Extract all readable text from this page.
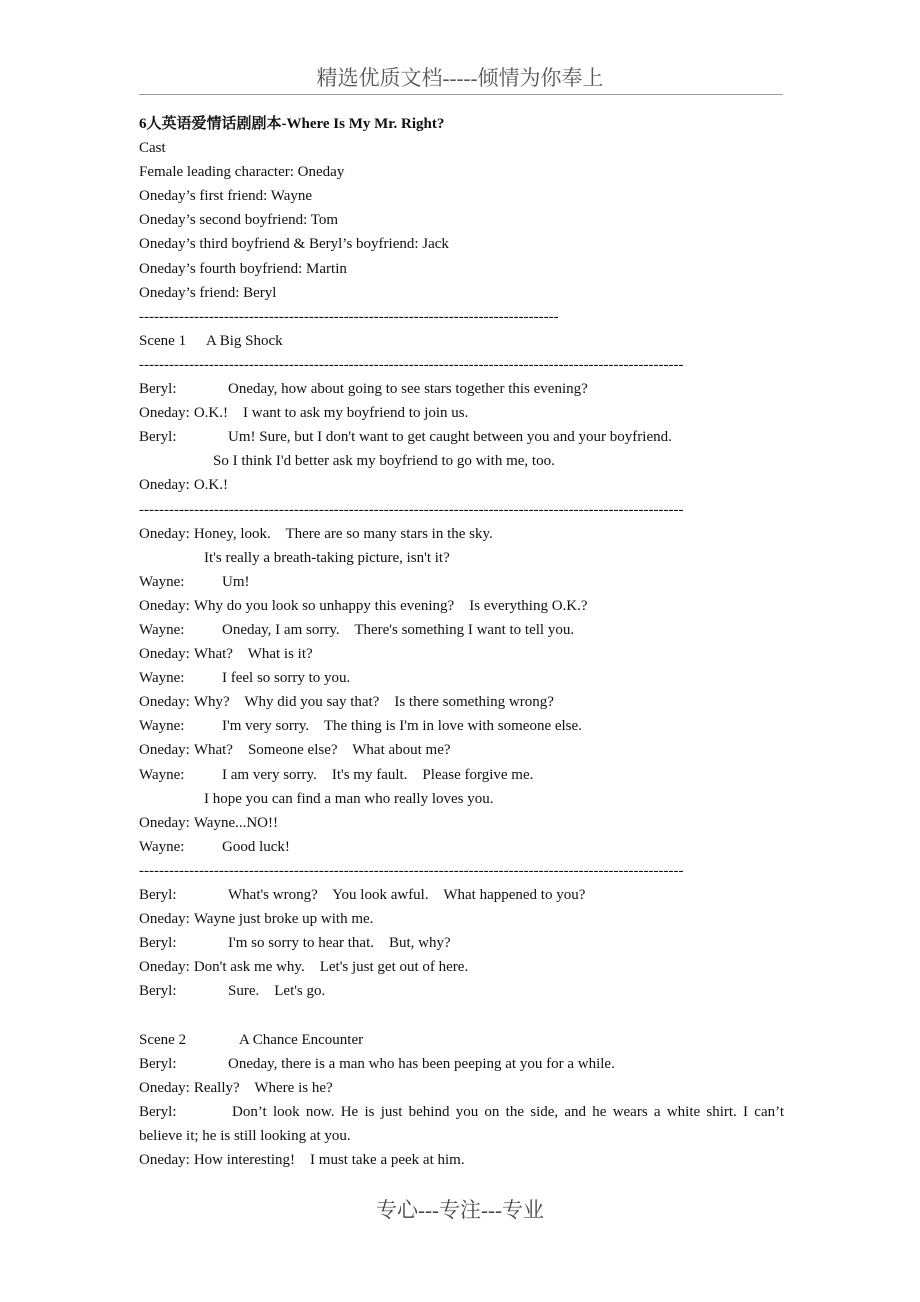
精选优质文档-----倾情为你奉上
6人英语爱情话剧剧本-Where Is My Mr. Right?
Cast
Female leading character: Oneday
Oneday’s first friend: Wayne
Oneday’s second boyfriend: Tom
Oneday’s third boyfriend & Beryl’s boyfriend: Jack
Oneday’s fourth boyfriend: Martin
Oneday’s friend: Beryl
------------------------------------------------------------------------------------
Scene 1 A Big Shock
-------------------------------------------------------------------------------------------------------------
Beryl:	Oneday, how about going to see stars together this evening?
Oneday: O.K.!    I want to ask my boyfriend to join us.
Beryl:	Um! Sure, but I don't want to get caught between you and your boyfriend.
So I think I'd better ask my boyfriend to go with me, too.
Oneday: O.K.!
-------------------------------------------------------------------------------------------------------------
Oneday: Honey, look.    There are so many stars in the sky.
It's really a breath-taking picture, isn't it?
Wayne:	Um!
Oneday: Why do you look so unhappy this evening?    Is everything O.K.?
Wayne:	Oneday, I am sorry.    There's something I want to tell you.
Oneday: What?    What is it?
Wayne:	I feel so sorry to you.
Oneday: Why?    Why did you say that?    Is there something wrong?
Wayne:	I'm very sorry.    The thing is I'm in love with someone else.
Oneday: What?    Someone else?    What about me?
Wayne:	I am very sorry.    It's my fault.    Please forgive me.
I hope you can find a man who really loves you.
Oneday: Wayne...NO!!
Wayne:	Good luck!
-------------------------------------------------------------------------------------------------------------
Beryl:	What's wrong?    You look awful.    What happened to you?
Oneday: Wayne just broke up with me.
Beryl:	I'm so sorry to hear that.    But, why?
Oneday: Don't ask me why.    Let's just get out of here.
Beryl:	Sure.    Let's go.
Scene 2	A Chance Encounter
Beryl:	Oneday, there is a man who has been peeping at you for a while.
Oneday: Really?    Where is he?
Beryl:	Don’t look now. He is just behind you on the side, and he wears a white shirt. I can’t believe it; he is still looking at you.
Oneday: How interesting!    I must take a peek at him.
专心---专注---专业
